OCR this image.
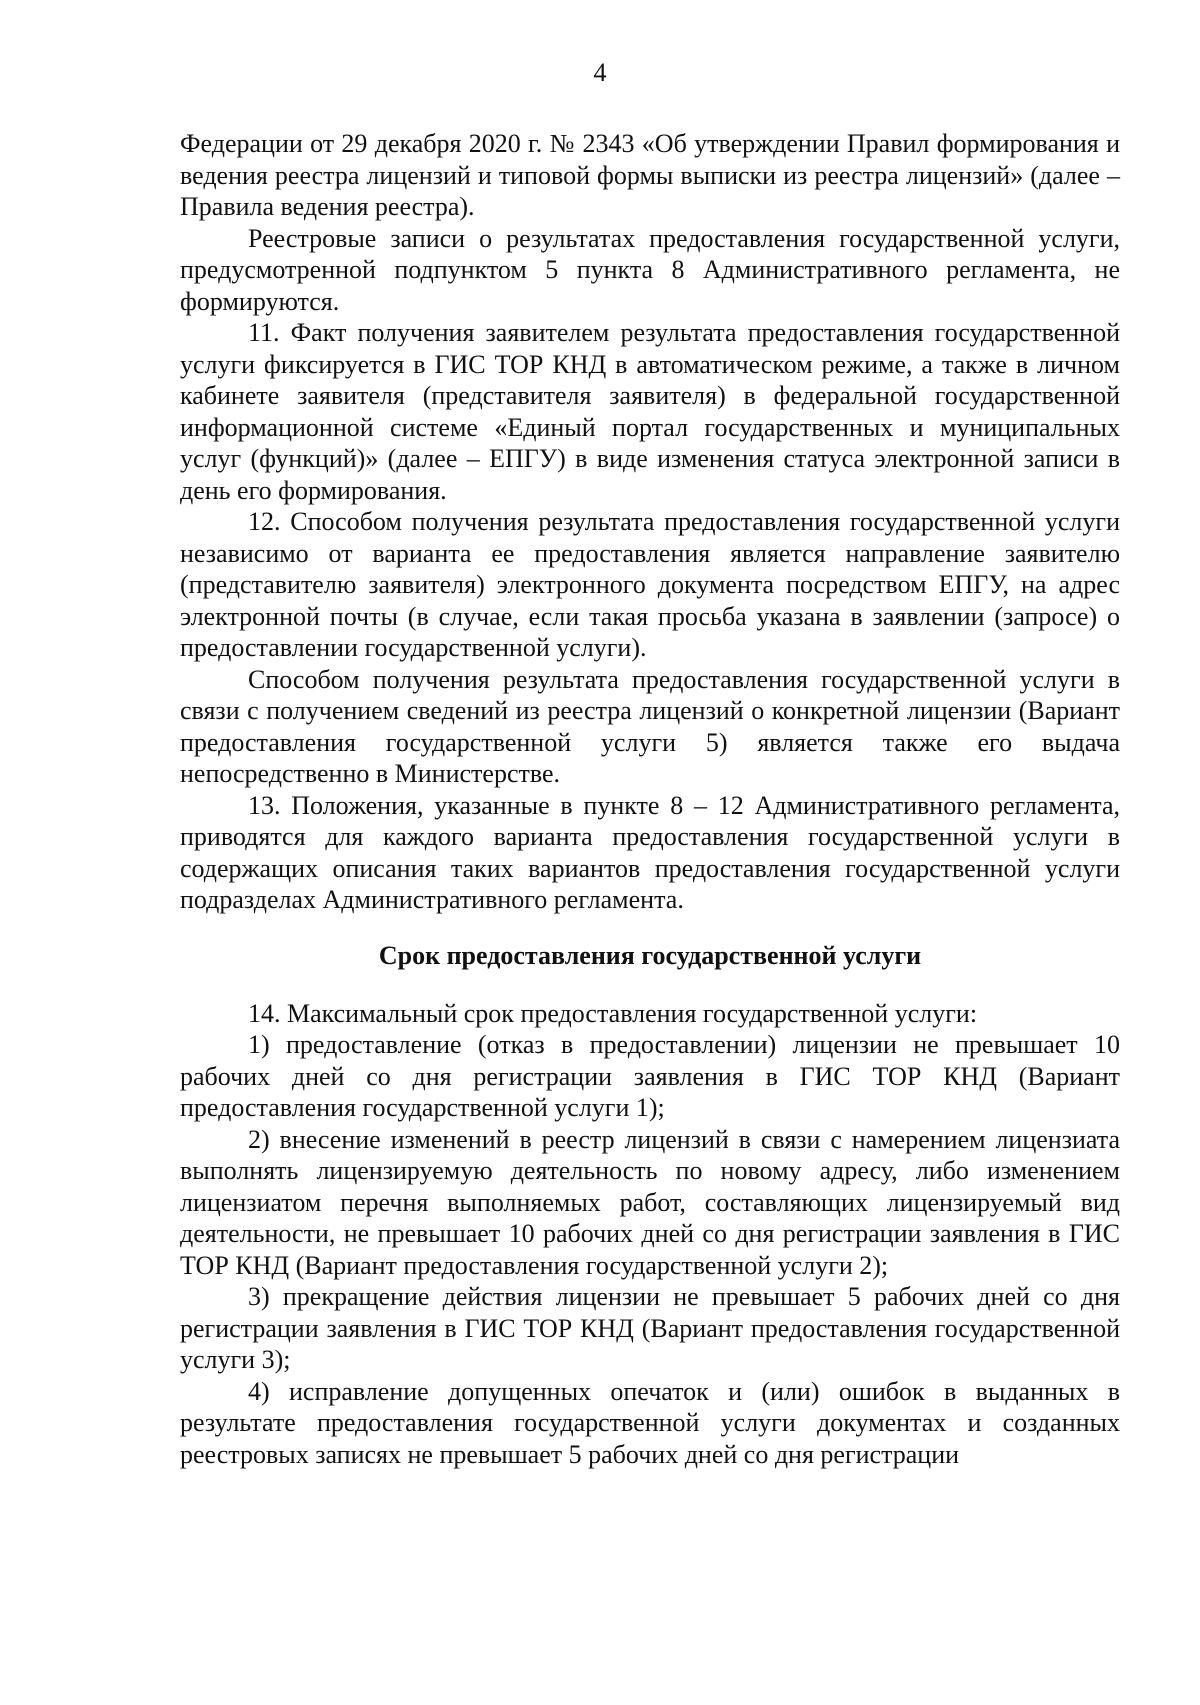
4

Федерации от 29 декабря 2020 г. № 2343 «Об утверждении Правил формирования и ведения реестра лицензий и типовой формы выписки из реестра лицензий» (далее – Правила ведения реестра).

Реестровые записи о результатах предоставления государственной услуги, предусмотренной подпунктом 5 пункта 8 Административного регламента, не формируются.

11. Факт получения заявителем результата предоставления государственной услуги фиксируется в ГИС ТОР КНД в автоматическом режиме, а также в личном кабинете заявителя (представителя заявителя) в федеральной государственной информационной системе «Единый портал государственных и муниципальных услуг (функций)» (далее – ЕПГУ) в виде изменения статуса электронной записи в день его формирования.

12. Способом получения результата предоставления государственной услуги независимо от варианта ее предоставления является направление заявителю (представителю заявителя) электронного документа посредством ЕПГУ, на адрес электронной почты (в случае, если такая просьба указана в заявлении (запросе) о предоставлении государственной услуги).

Способом получения результата предоставления государственной услуги в связи с получением сведений из реестра лицензий о конкретной лицензии (Вариант предоставления государственной услуги 5) является также его выдача непосредственно в Министерстве.

13. Положения, указанные в пункте 8 – 12 Административного регламента, приводятся для каждого варианта предоставления государственной услуги в содержащих описания таких вариантов предоставления государственной услуги подразделах Административного регламента.

Срок предоставления государственной услуги

14. Максимальный срок предоставления государственной услуги:

1) предоставление (отказ в предоставлении) лицензии не превышает 10 рабочих дней со дня регистрации заявления в ГИС ТОР КНД (Вариант предоставления государственной услуги 1);

2) внесение изменений в реестр лицензий в связи с намерением лицензиата выполнять лицензируемую деятельность по новому адресу, либо изменением лицензиатом перечня выполняемых работ, составляющих лицензируемый вид деятельности, не превышает 10 рабочих дней со дня регистрации заявления в ГИС ТОР КНД (Вариант предоставления государственной услуги 2);

3) прекращение действия лицензии не превышает 5 рабочих дней со дня регистрации заявления в ГИС ТОР КНД (Вариант предоставления государственной услуги 3);

4) исправление допущенных опечаток и (или) ошибок в выданных в результате предоставления государственной услуги документах и созданных реестровых записях не превышает 5 рабочих дней со дня регистрации
